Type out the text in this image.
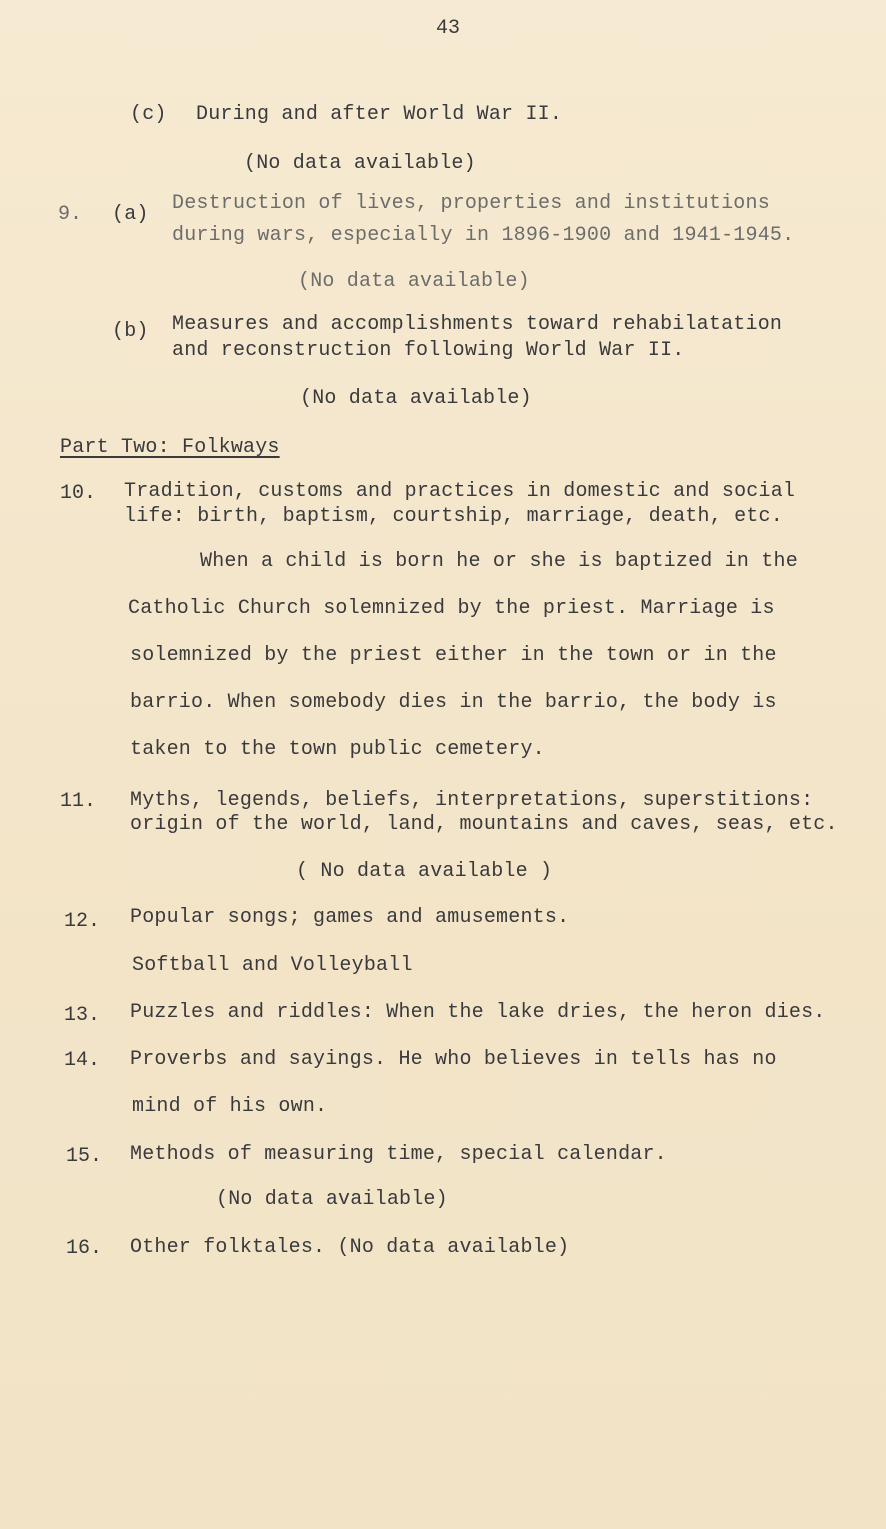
43
(c) During and after World War II.
(No data available)
9. (a) Destruction of lives, properties and institutions
during wars, especially in 1896-1900 and 1941-1945.
(No data available)
(b) Measures and accomplishments toward rehabilatation
and reconstruction following World War II.
(No data available)
Part Two: Folkways
10. Tradition, customs and practices in domestic and social
life: birth, baptism, courtship, marriage, death, etc.
When a child is born he or she is baptized in the
Catholic Church solemnized by the priest. Marriage is
solemnized by the priest either in the town or in the
barrio. When somebody dies in the barrio, the body is
taken to the town public cemetery.
11. Myths, legends, beliefs, interpretations, superstitions:
origin of the world, land, mountains and caves, seas, etc.
( No data available )
12. Popular songs; games and amusements.
Softball and Volleyball
13. Puzzles and riddles: When the lake dries, the heron dies.
14. Proverbs and sayings. He who believes in tells has no
mind of his own.
15. Methods of measuring time, special calendar.
(No data available)
16. Other folktales. (No data available)
